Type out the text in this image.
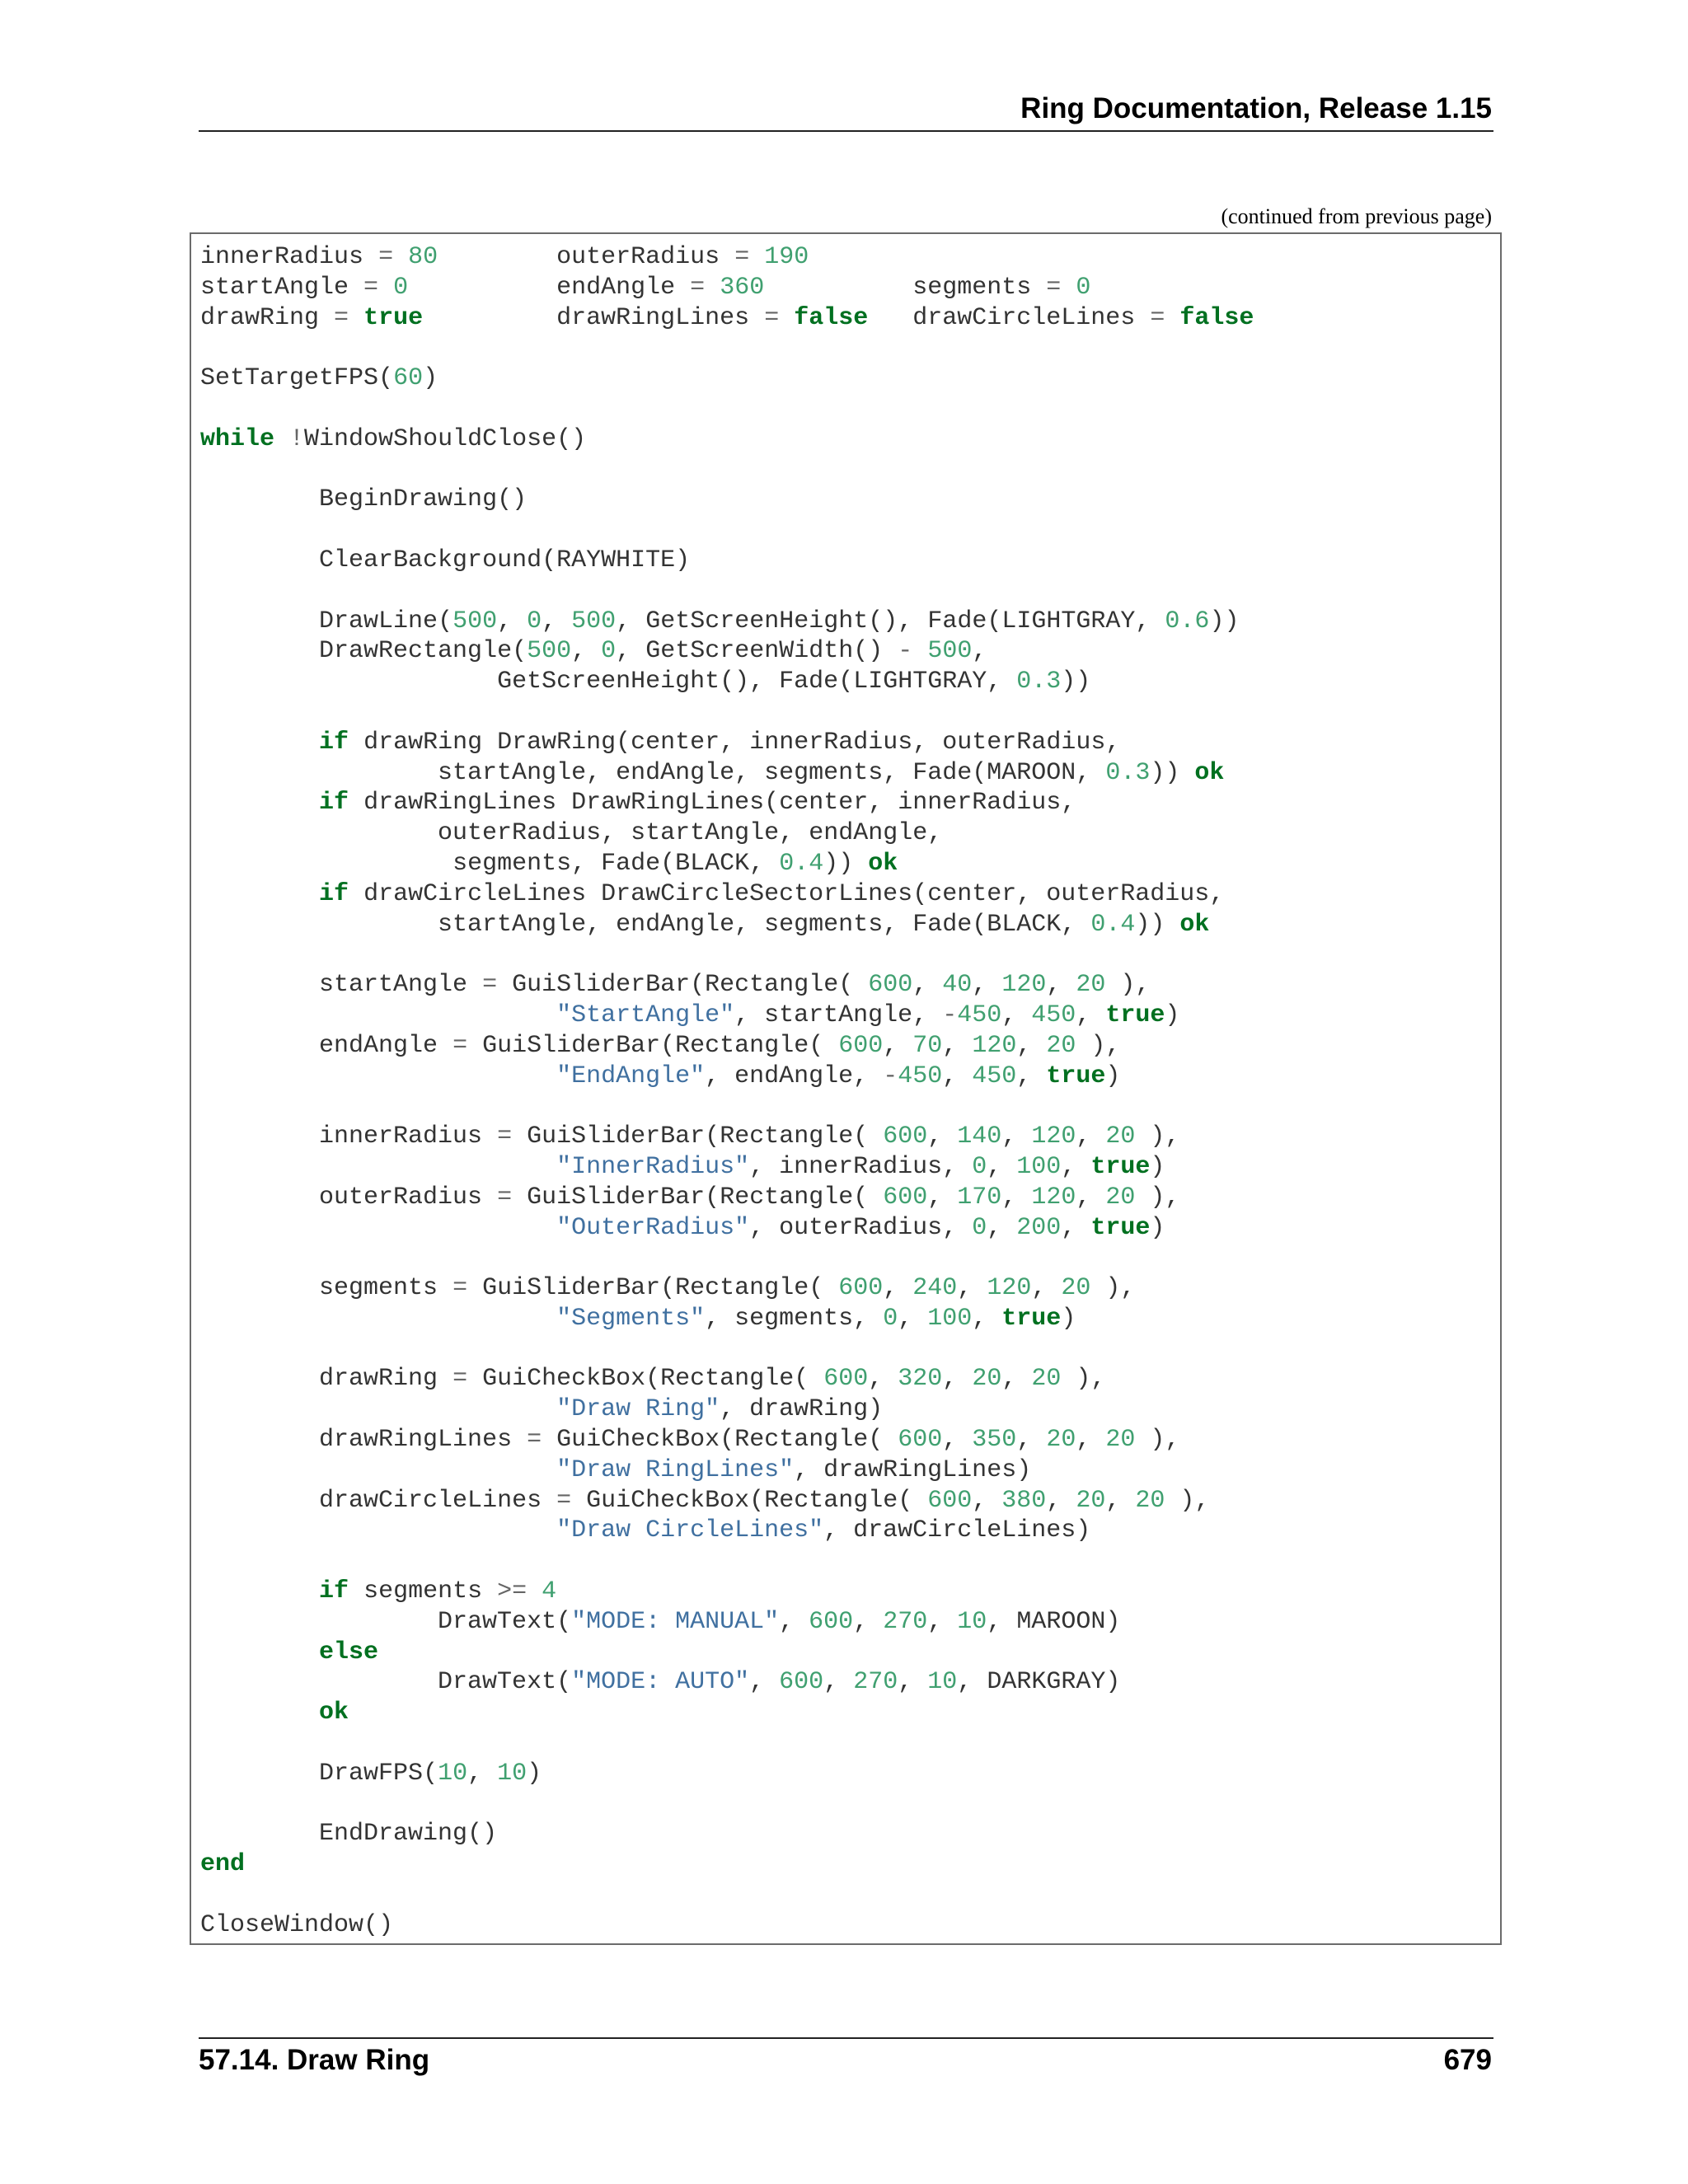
Ring Documentation, Release 1.15
(continued from previous page)
innerRadius = 80	outerRadius = 190
startAngle = 0	endAngle = 360	segments = 0
drawRing = true	drawRingLines = false drawCircleLines = false

SetTargetFPS(60)

while !WindowShouldClose()

BeginDrawing()

ClearBackground(RAYWHITE)

DrawLine(500, 0, 500, GetScreenHeight(), Fade(LIGHTGRAY, 0.6))
DrawRectangle(500, 0, GetScreenWidth() - 500,
GetScreenHeight(), Fade(LIGHTGRAY, 0.3))

if drawRing DrawRing(center, innerRadius, outerRadius,
startAngle, endAngle, segments, Fade(MAROON, 0.3)) ok
if drawRingLines DrawRingLines(center, innerRadius,
outerRadius, startAngle, endAngle,
segments, Fade(BLACK, 0.4)) ok
if drawCircleLines DrawCircleSectorLines(center, outerRadius,
startAngle, endAngle, segments, Fade(BLACK, 0.4)) ok

startAngle = GuiSliderBar(Rectangle( 600, 40, 120, 20 ),
"StartAngle", startAngle, -450, 450, true)
endAngle = GuiSliderBar(Rectangle( 600, 70, 120, 20 ),
"EndAngle", endAngle, -450, 450, true)

innerRadius = GuiSliderBar(Rectangle( 600, 140, 120, 20 ),
"InnerRadius", innerRadius, 0, 100, true)
outerRadius = GuiSliderBar(Rectangle( 600, 170, 120, 20 ),
"OuterRadius", outerRadius, 0, 200, true)

segments = GuiSliderBar(Rectangle( 600, 240, 120, 20 ),
"Segments", segments, 0, 100, true)

drawRing = GuiCheckBox(Rectangle( 600, 320, 20, 20 ),
"Draw Ring", drawRing)
drawRingLines = GuiCheckBox(Rectangle( 600, 350, 20, 20 ),
"Draw RingLines", drawRingLines)
drawCircleLines = GuiCheckBox(Rectangle( 600, 380, 20, 20 ),
"Draw CircleLines", drawCircleLines)

if segments >= 4
DrawText("MODE: MANUAL", 600, 270, 10, MAROON)
else
DrawText("MODE: AUTO", 600, 270, 10, DARKGRAY)
ok

DrawFPS(10, 10)

EndDrawing()
end

CloseWindow()
57.14. Draw Ring	679
